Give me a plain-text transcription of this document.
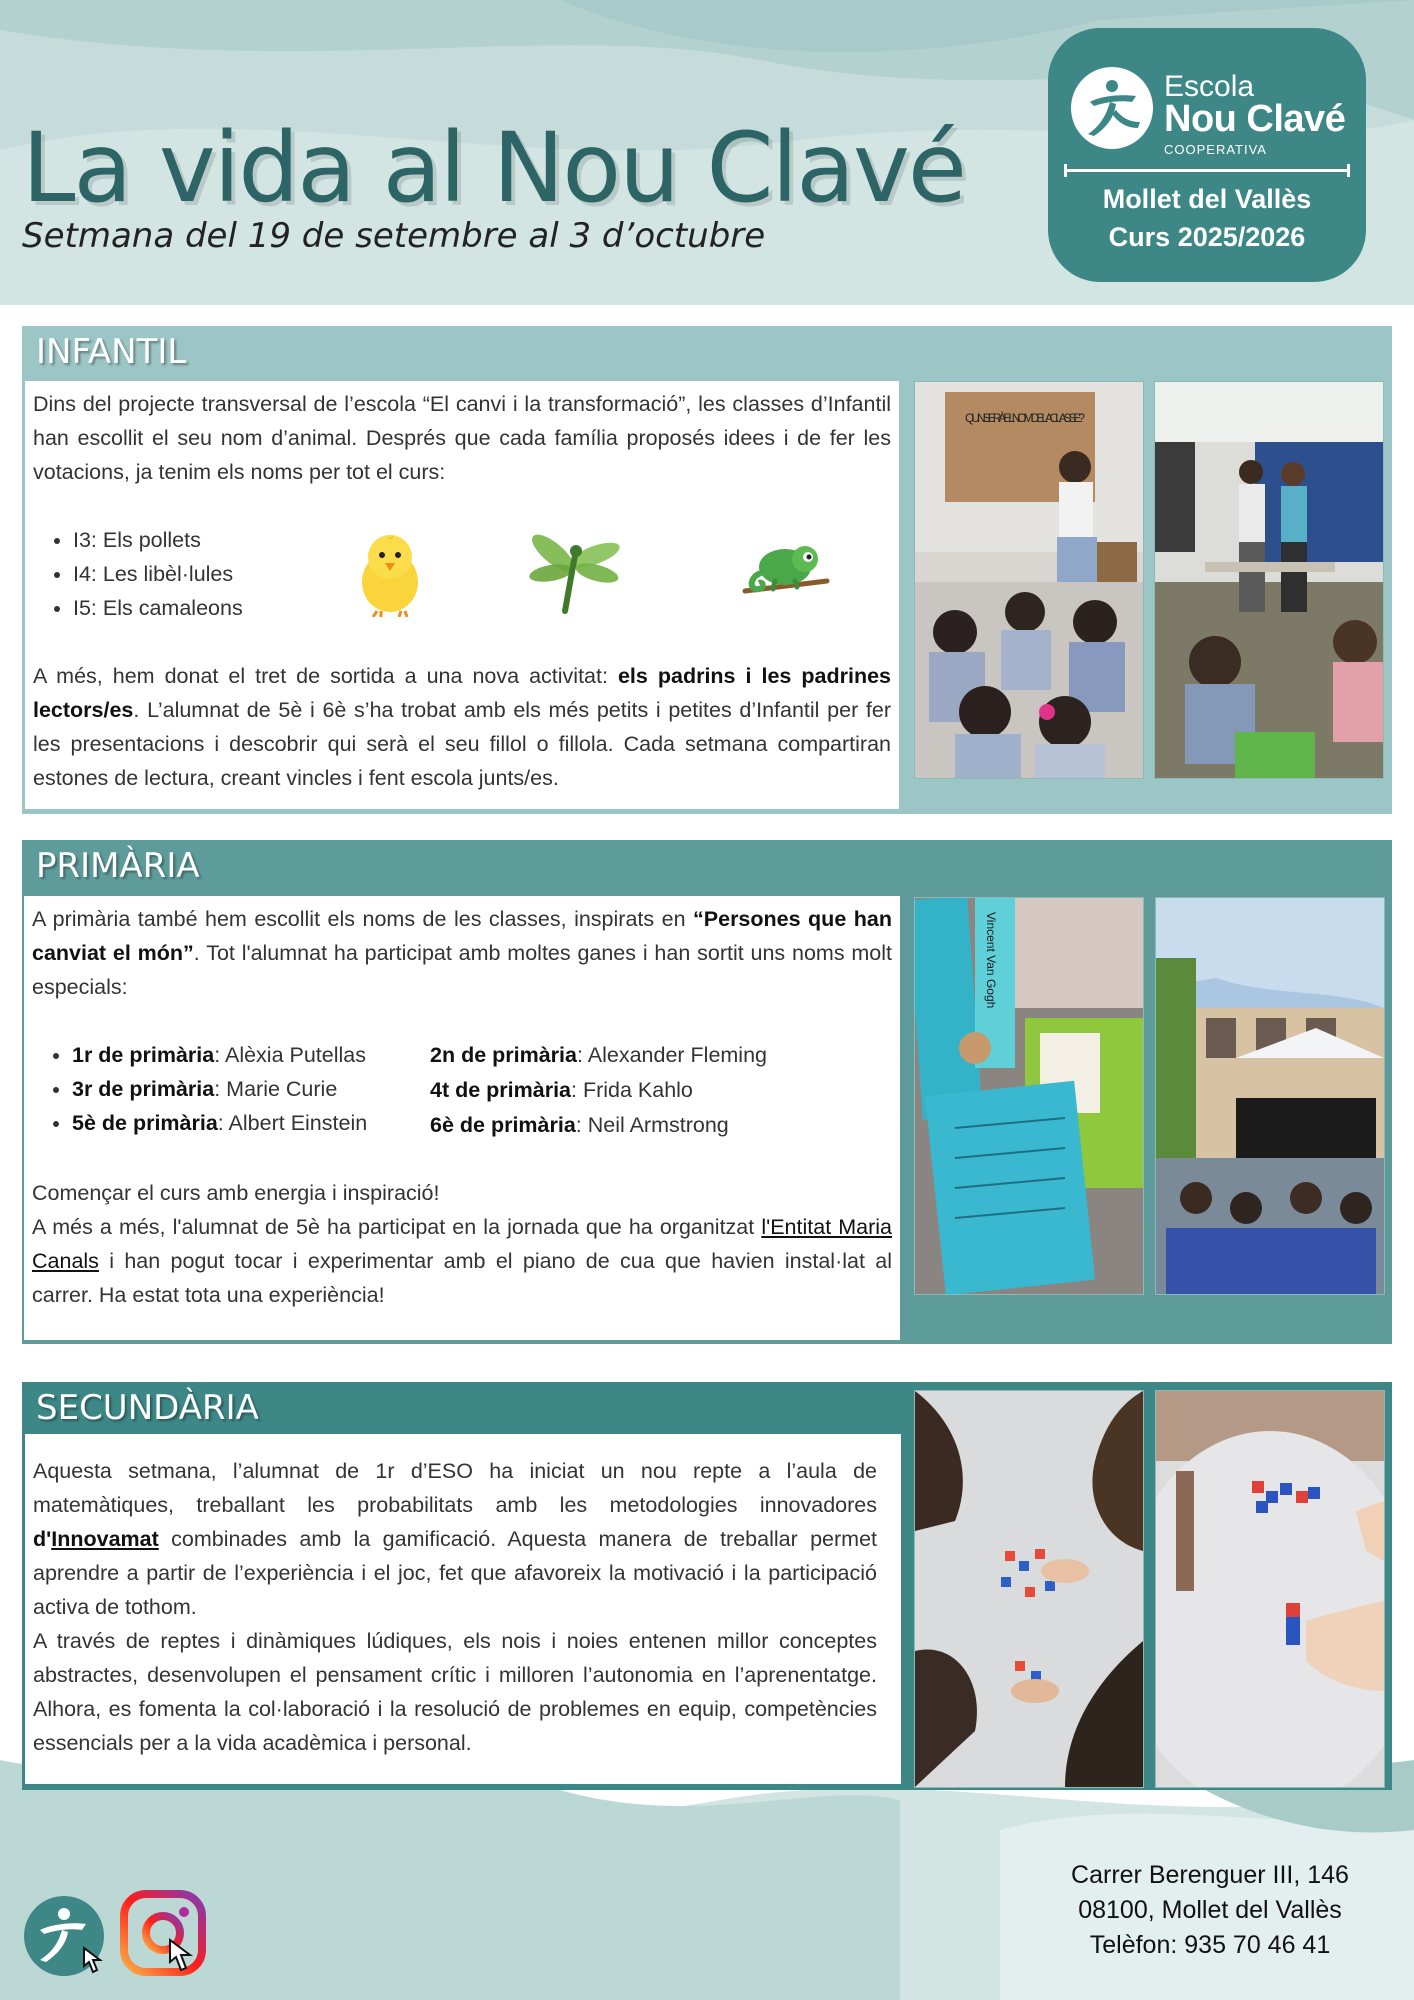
La vida al Nou Clavé
Setmana del 19 de setembre al 3 d’octubre
Escola
Nou Clavé
COOPERATIVA
Mollet del Vallès
Curs 2025/2026
INFANTIL

Dins del projecte transversal de l’escola “El canvi i la transformació”, les classes d’Infantil han escollit el seu nom d’animal. Després que cada família proposés idees i de fer les votacions, ja tenim els noms per tot el curs:

• I3: Els pollets
• I4: Les libèl·lules
• I5: Els camaleons

A més, hem donat el tret de sortida a una nova activitat: els padrins i les padrines lectors/es. L’alumnat de 5è i 6è s’ha trobat amb els més petits i petites d’Infantil per fer les presentacions i descobrir qui serà el seu fillol o fillola. Cada setmana compartiran estones de lectura, creant vincles i fent escola junts/es.

QUIN SERÀ EL NOM DE LA CLASSE?
PRIMÀRIA

A primària també hem escollit els noms de les classes, inspirats en “Persones que han canviat el món”. Tot l'alumnat ha participat amb moltes ganes i han sortit uns noms molt especials:

• 1r de primària: Alèxia Putellas
• 3r de primària: Marie Curie
• 5è de primària: Albert Einstein
2n de primària: Alexander Fleming
4t de primària: Frida Kahlo
6è de primària: Neil Armstrong

Començar el curs amb energia i inspiració!

A més a més, l'alumnat de 5è ha participat en la jornada que ha organitzat l'Entitat Maria Canals i han pogut tocar i experimentar amb el piano de cua que havien instal·lat al carrer. Ha estat tota una experiència!

Vincent Van Gogh
SECUNDÀRIA

Aquesta setmana, l’alumnat de 1r d’ESO ha iniciat un nou repte a l’aula de matemàtiques, treballant les probabilitats amb les metodologies innovadores d'Innovamat combinades amb la gamificació. Aquesta manera de treballar permet aprendre a partir de l’experiència i el joc, fet que afavoreix la motivació i la participació activa de tothom.

A través de reptes i dinàmiques lúdiques, els nois i noies entenen millor conceptes abstractes, desenvolupen el pensament crític i milloren l’autonomia en l’aprenentatge. Alhora, es fomenta la col·laboració i la resolució de problemes en equip, competències essencials per a la vida acadèmica i personal.

Carrer Berenguer III, 146
08100, Mollet del Vallès
Telèfon: 935 70 46 41
